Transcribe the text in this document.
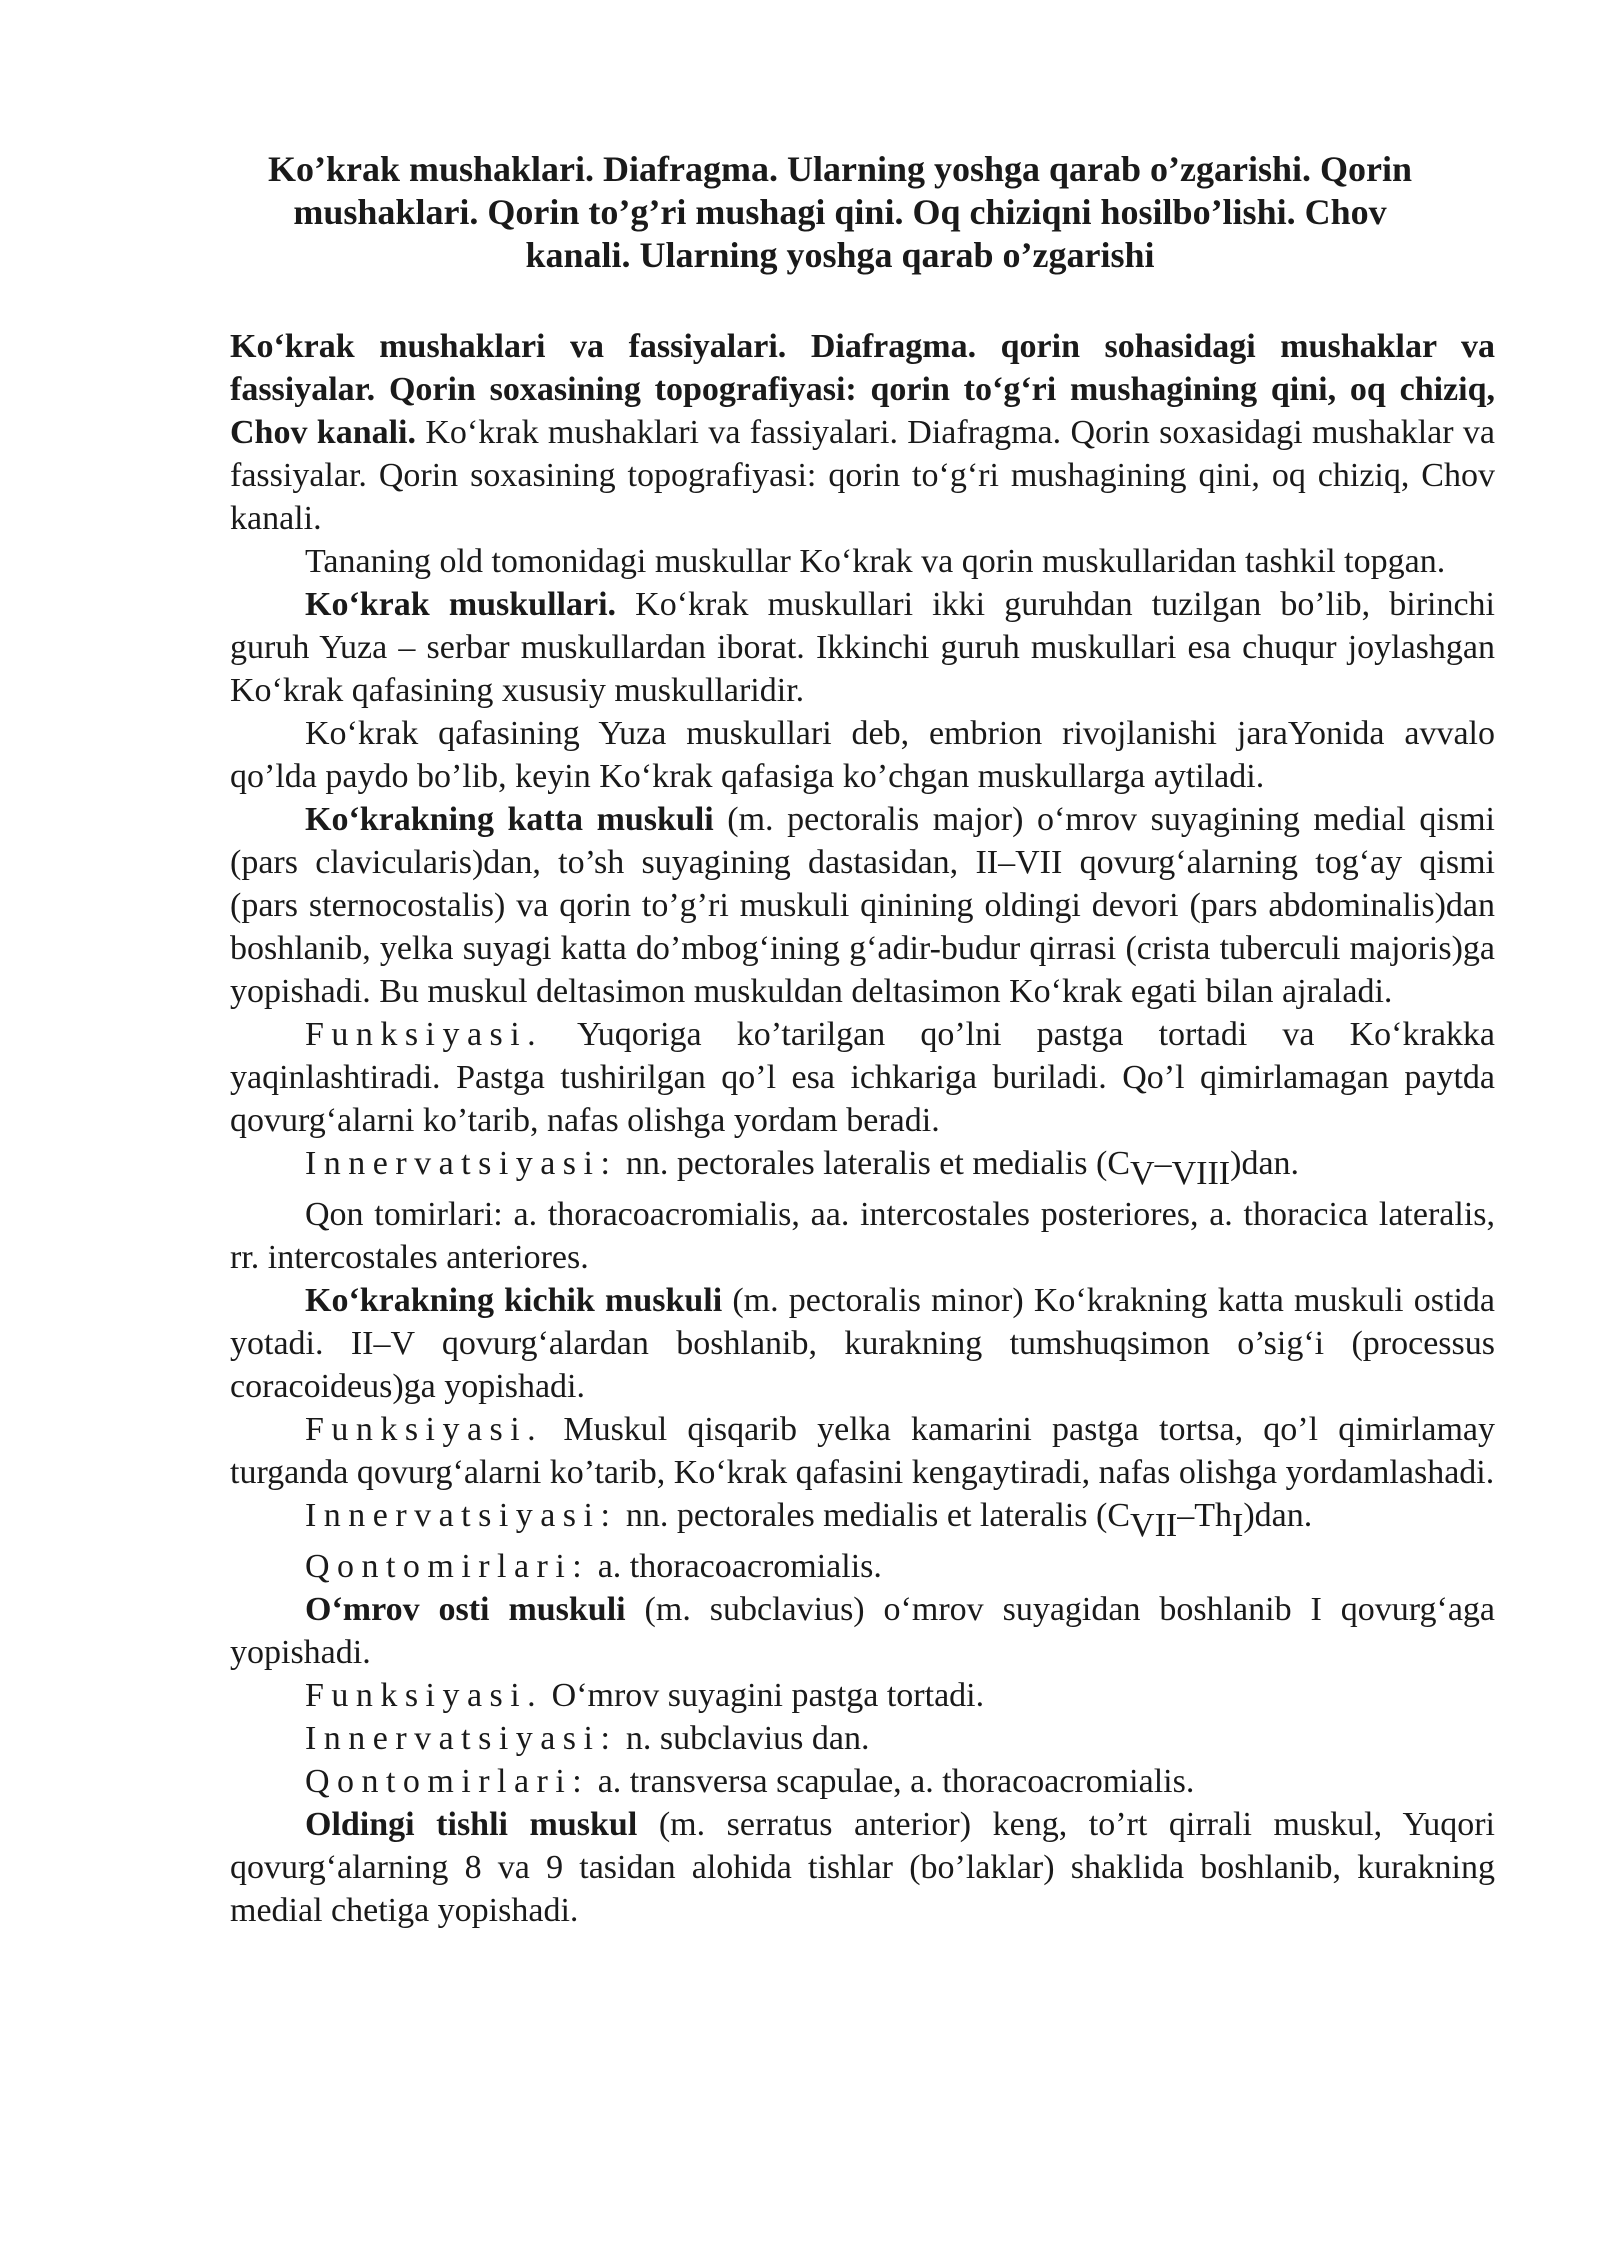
Ko’krak mushaklari. Diafragma. Ularning yoshga qarab o’zgarishi. Qorin
mushaklari. Qorin to’g’ri mushagi qini. Oq chiziqni hosilbo’lishi. Chov
kanali. Ularning yoshga qarab o’zgarishi

Ko‘krak mushaklari va fassiyalari. Diafragma. qorin sohasidagi mushaklar va fassiyalar. Qorin soxasining topografiyasi: qorin to‘g‘ri mushagining qini, oq chiziq, Chov kanali. Ko‘krak mushaklari va fassiyalari. Diafragma. Qorin soxasidagi mushaklar va fassiyalar. Qorin soxasining topografiyasi: qorin to‘g‘ri mushagining qini, oq chiziq, Chov kanali.

Tananing old tomonidagi muskullar Ko‘krak va qorin muskullaridan tashkil topgan.

Ko‘krak muskullari. Ko‘krak muskullari ikki guruhdan tuzilgan bo’lib, birinchi guruh Yuza – serbar muskullardan iborat. Ikkinchi guruh muskullari esa chuqur joylashgan Ko‘krak qafasining xususiy muskullaridir.

Ko‘krak qafasining Yuza muskullari deb, embrion rivojlanishi jaraYonida avvalo qo’lda paydo bo’lib, keyin Ko‘krak qafasiga ko’chgan muskullarga aytiladi.

Ko‘krakning katta muskuli (m. pectoralis major) o‘mrov suyagining medial qismi (pars clavicularis)dan, to’sh suyagining dastasidan, II–VII qovurg‘alarning tog‘ay qismi (pars sternocostalis) va qorin to’g’ri muskuli qinining oldingi devori (pars abdominalis)dan boshlanib, yelka suyagi katta do’mbog‘ining g‘adir-budur qirrasi (crista tuberculi majoris)ga yopishadi. Bu muskul deltasimon muskuldan deltasimon Ko‘krak egati bilan ajraladi.

Funksiyasi. Yuqoriga ko’tarilgan qo’lni pastga tortadi va Ko‘krakka yaqinlashtiradi. Pastga tushirilgan qo’l esa ichkariga buriladi. Qo’l qimirlamagan paytda qovurg‘alarni ko’tarib, nafas olishga yordam beradi.

Innervatsiyasi: nn. pectorales lateralis et medialis $(C_V-_{VIII})dan$.

Qon tomirlari: a. thoracoacromialis, aa. intercostales posteriores, a. thoracica lateralis, rr. intercostales anteriores.

Ko‘krakning kichik muskuli (m. pectoralis minor) Ko‘krakning katta muskuli ostida yotadi. II–V qovurg‘alardan boshlanib, kurakning tumshuqsimon o’sig‘i (processus coracoideus)ga yopishadi.

Funksiyasi. Muskul qisqarib yelka kamarini pastga tortsa, qo’l qimirlamay turganda qovurg‘alarni ko’tarib, Ko‘krak qafasini kengaytiradi, nafas olishga yordamlashadi.

Innervatsiyasi: nn. pectorales medialis et lateralis $(C_{VII}-Th_I)dan$.

Qontomirlari: a. thoracoacromialis.

O‘mrov osti muskuli (m. subclavius) o‘mrov suyagidan boshlanib I qovurg‘aga yopishadi.

Funksiyasi. O‘mrov suyagini pastga tortadi.

Innervatsiyasi: n. subclavius dan.

Qontomirlari: a. transversa scapulae, a. thoracoacromialis.

Oldingi tishli muskul (m. serratus anterior) keng, to’rt qirrali muskul, Yuqori qovurg‘alarning 8 va 9 tasidan alohida tishlar (bo’laklar) shaklida boshlanib, kurakning medial chetiga yopishadi.
